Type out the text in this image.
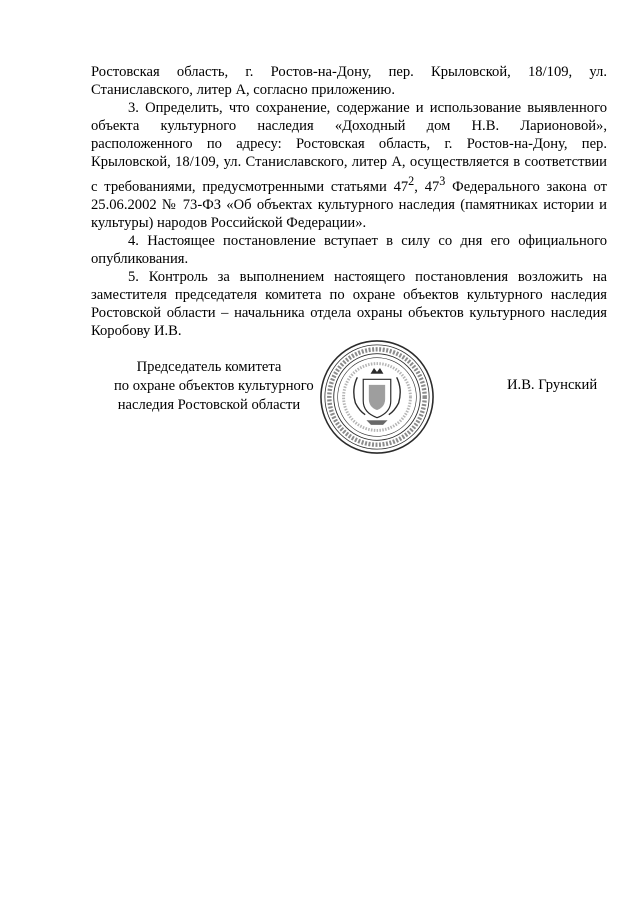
Ростовская область, г. Ростов-на-Дону, пер. Крыловской, 18/109, ул. Станиславского, литер А, согласно приложению.

3. Определить, что сохранение, содержание и использование выявленного объекта культурного наследия «Доходный дом Н.В. Ларионовой», расположенного по адресу: Ростовская область, г. Ростов-на-Дону, пер. Крыловской, 18/109, ул. Станиславского, литер А, осуществляется в соответствии с требованиями, предусмотренными статьями $47^2$, $47^3$ Федерального закона от 25.06.2002 № 73-ФЗ «Об объектах культурного наследия (памятниках истории и культуры) народов Российской Федерации».

4. Настоящее постановление вступает в силу со дня его официального опубликования.

5. Контроль за выполнением настоящего постановления возложить на заместителя председателя комитета по охране объектов культурного наследия Ростовской области – начальника отдела охраны объектов культурного наследия Коробову И.В.

Председатель комитета
по охране объектов культурного
наследия Ростовской области
И.В. Грунский
